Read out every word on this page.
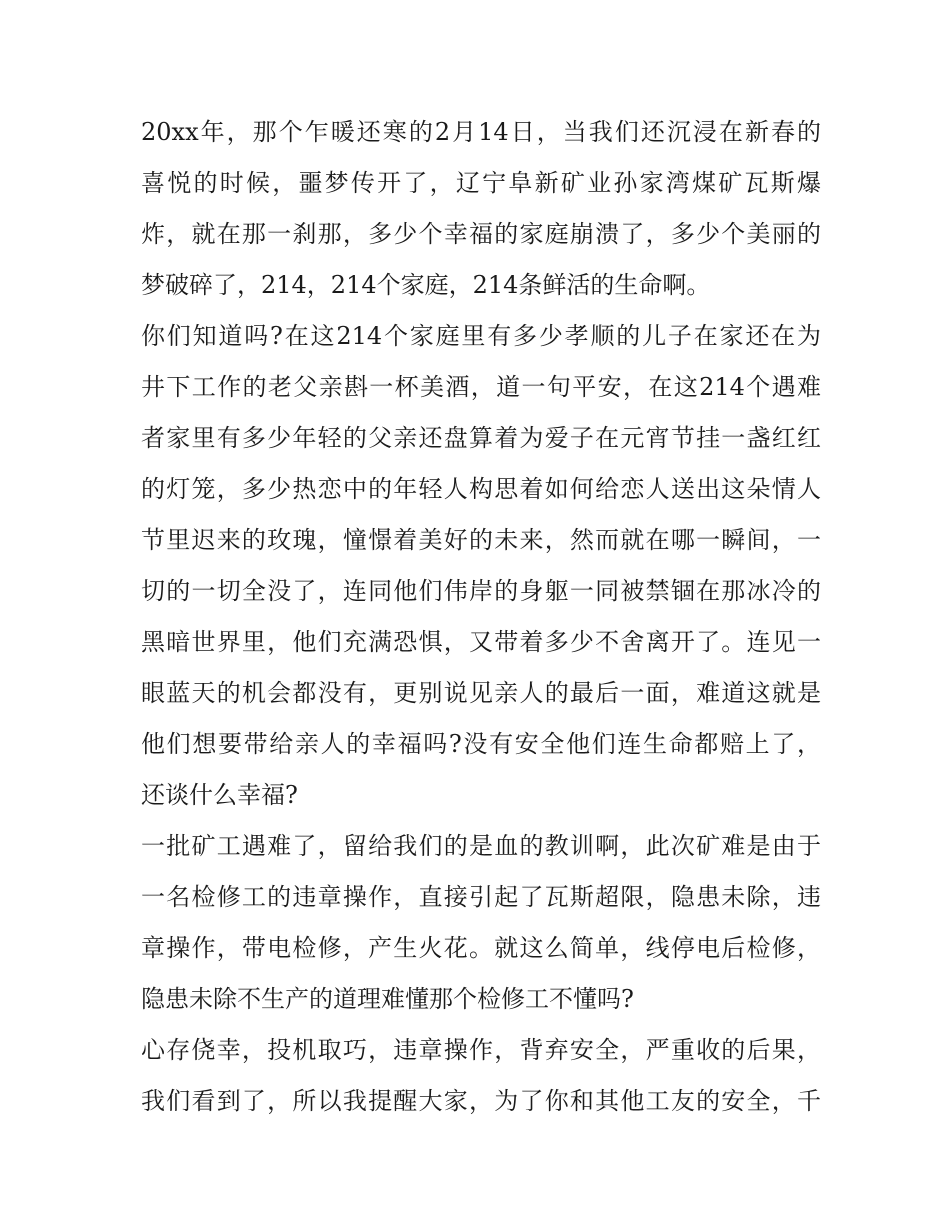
20xx年，那个乍暖还寒的2月14日，当我们还沉浸在新春的
喜悦的时候，噩梦传开了，辽宁阜新矿业孙家湾煤矿瓦斯爆
炸，就在那一刹那，多少个幸福的家庭崩溃了，多少个美丽的
梦破碎了，214，214个家庭，214条鲜活的生命啊。
你们知道吗?在这214个家庭里有多少孝顺的儿子在家还在为
井下工作的老父亲斟一杯美酒，道一句平安，在这214个遇难
者家里有多少年轻的父亲还盘算着为爱子在元宵节挂一盏红红
的灯笼，多少热恋中的年轻人构思着如何给恋人送出这朵情人
节里迟来的玫瑰，憧憬着美好的未来，然而就在哪一瞬间，一
切的一切全没了，连同他们伟岸的身躯一同被禁锢在那冰冷的
黑暗世界里，他们充满恐惧，又带着多少不舍离开了。连见一
眼蓝天的机会都没有，更别说见亲人的最后一面，难道这就是
他们想要带给亲人的幸福吗?没有安全他们连生命都赔上了，
还谈什么幸福?
一批矿工遇难了，留给我们的是血的教训啊，此次矿难是由于
一名检修工的违章操作，直接引起了瓦斯超限，隐患未除，违
章操作，带电检修，产生火花。就这么简单，线停电后检修，
隐患未除不生产的道理难懂那个检修工不懂吗?
心存侥幸，投机取巧，违章操作，背弃安全，严重收的后果，
我们看到了，所以我提醒大家，为了你和其他工友的安全，千
